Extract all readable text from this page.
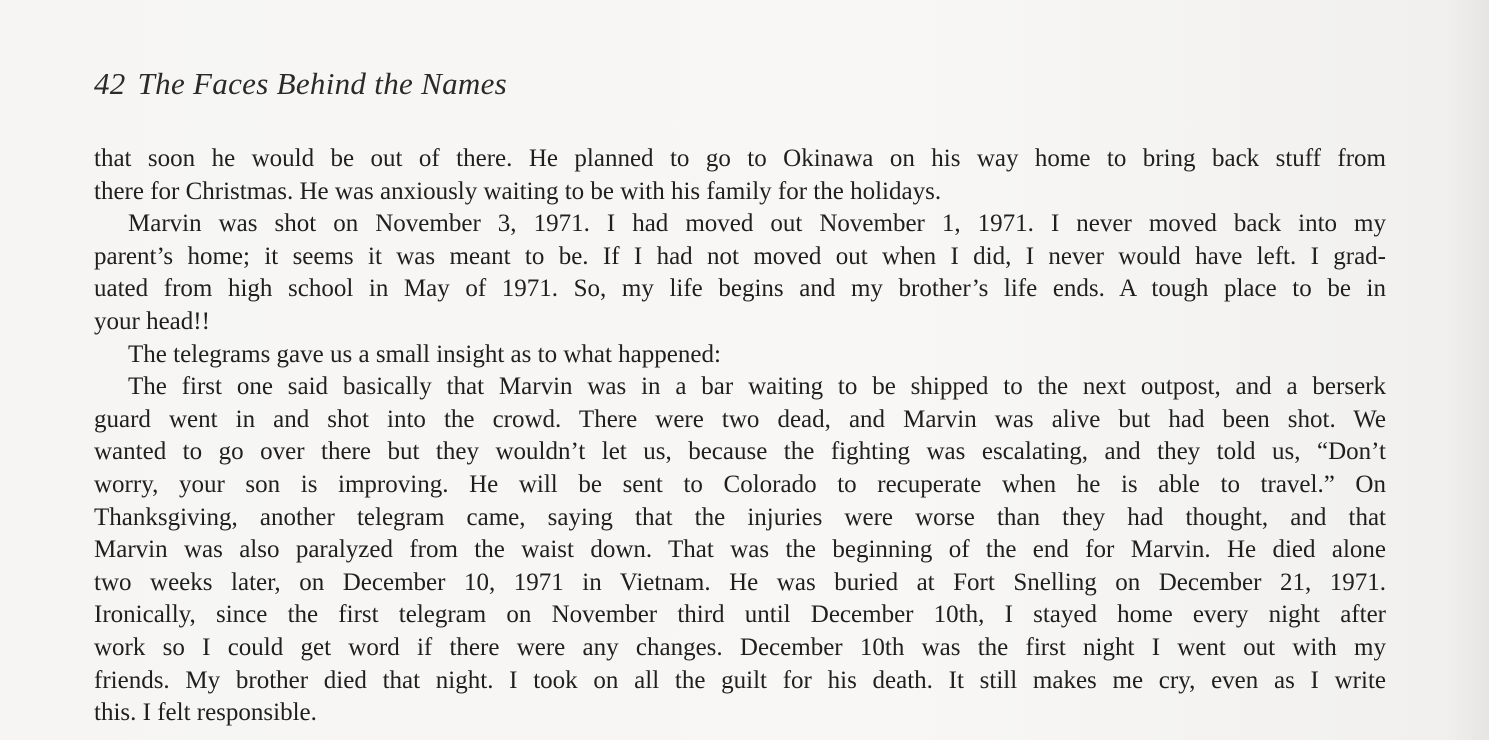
42 The Faces Behind the Names
that soon he would be out of there. He planned to go to Okinawa on his way home to bring back stuff from
there for Christmas. He was anxiously waiting to be with his family for the holidays.
Marvin was shot on November 3, 1971. I had moved out November 1, 1971. I never moved back into my
parent’s home; it seems it was meant to be. If I had not moved out when I did, I never would have left. I grad-
uated from high school in May of 1971. So, my life begins and my brother’s life ends. A tough place to be in
your head!!
The telegrams gave us a small insight as to what happened:
The first one said basically that Marvin was in a bar waiting to be shipped to the next outpost, and a berserk
guard went in and shot into the crowd. There were two dead, and Marvin was alive but had been shot. We
wanted to go over there but they wouldn’t let us, because the fighting was escalating, and they told us, “Don’t
worry, your son is improving. He will be sent to Colorado to recuperate when he is able to travel.” On
Thanksgiving, another telegram came, saying that the injuries were worse than they had thought, and that
Marvin was also paralyzed from the waist down. That was the beginning of the end for Marvin. He died alone
two weeks later, on December 10, 1971 in Vietnam. He was buried at Fort Snelling on December 21, 1971.
Ironically, since the first telegram on November third until December 10th, I stayed home every night after
work so I could get word if there were any changes. December 10th was the first night I went out with my
friends. My brother died that night. I took on all the guilt for his death. It still makes me cry, even as I write
this. I felt responsible.
